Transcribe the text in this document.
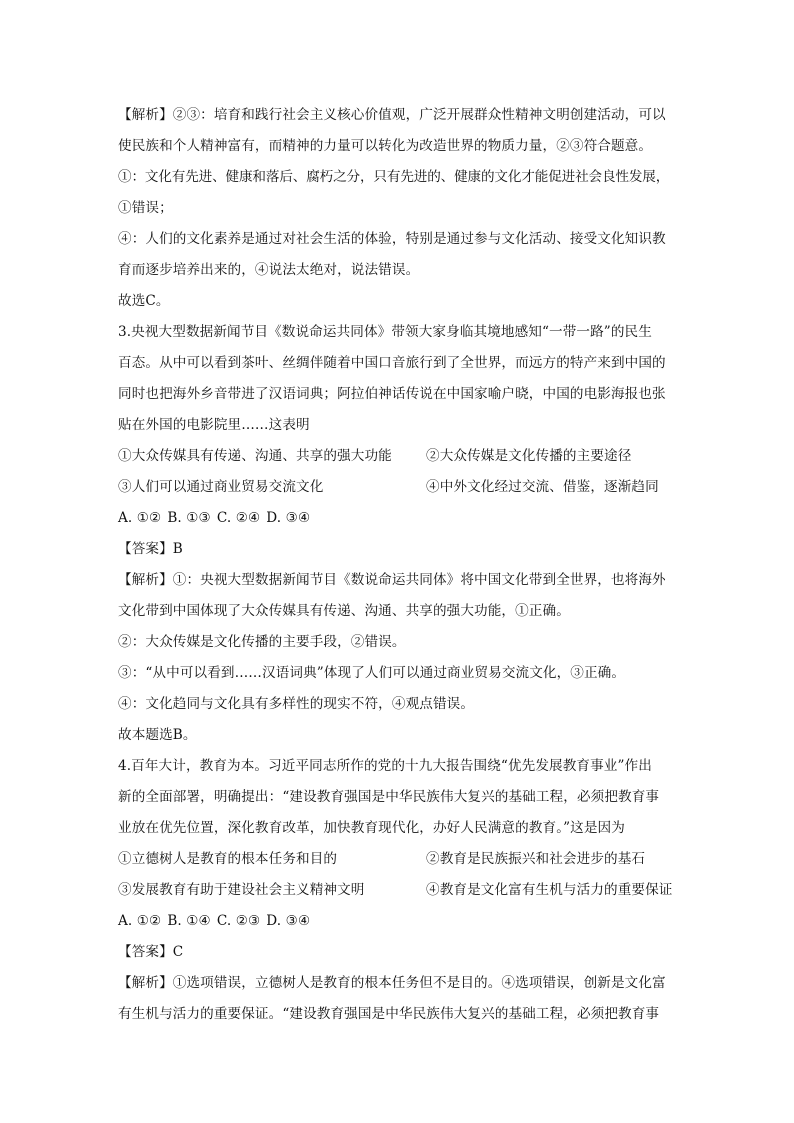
【解析】②③：培育和践行社会主义核心价值观，广泛开展群众性精神文明创建活动，可以
使民族和个人精神富有，而精神的力量可以转化为改造世界的物质力量，②③符合题意。
①：文化有先进、健康和落后、腐朽之分，只有先进的、健康的文化才能促进社会良性发展，
①错误；
④：人们的文化素养是通过对社会生活的体验，特别是通过参与文化活动、接受文化知识教
育而逐步培养出来的，④说法太绝对，说法错误。
故选C。
3.央视大型数据新闻节目《数说命运共同体》带领大家身临其境地感知“一带一路”的民生
百态。从中可以看到茶叶、丝绸伴随着中国口音旅行到了全世界，而远方的特产来到中国的
同时也把海外乡音带进了汉语词典；阿拉伯神话传说在中国家喻户晓，中国的电影海报也张
贴在外国的电影院里……这表明
①大众传媒具有传递、沟通、共享的强大功能	②大众传媒是文化传播的主要途径
③人们可以通过商业贸易交流文化	④中外文化经过交流、借鉴，逐渐趋同
A. ①② B. ①③ C. ②④ D. ③④
【答案】B
【解析】①：央视大型数据新闻节目《数说命运共同体》将中国文化带到全世界，也将海外
文化带到中国体现了大众传媒具有传递、沟通、共享的强大功能，①正确。
②：大众传媒是文化传播的主要手段，②错误。
③：“从中可以看到……汉语词典”体现了人们可以通过商业贸易交流文化，③正确。
④：文化趋同与文化具有多样性的现实不符，④观点错误。
故本题选B。
4.百年大计，教育为本。习近平同志所作的党的十九大报告围绕“优先发展教育事业”作出
新的全面部署，明确提出：“建设教育强国是中华民族伟大复兴的基础工程，必须把教育事
业放在优先位置，深化教育改革，加快教育现代化，办好人民满意的教育。”这是因为
①立德树人是教育的根本任务和目的	②教育是民族振兴和社会进步的基石
③发展教育有助于建设社会主义精神文明	④教育是文化富有生机与活力的重要保证
A. ①② B. ①④ C. ②③ D. ③④
【答案】C
【解析】①选项错误，立德树人是教育的根本任务但不是目的。④选项错误，创新是文化富
有生机与活力的重要保证。“建设教育强国是中华民族伟大复兴的基础工程，必须把教育事
